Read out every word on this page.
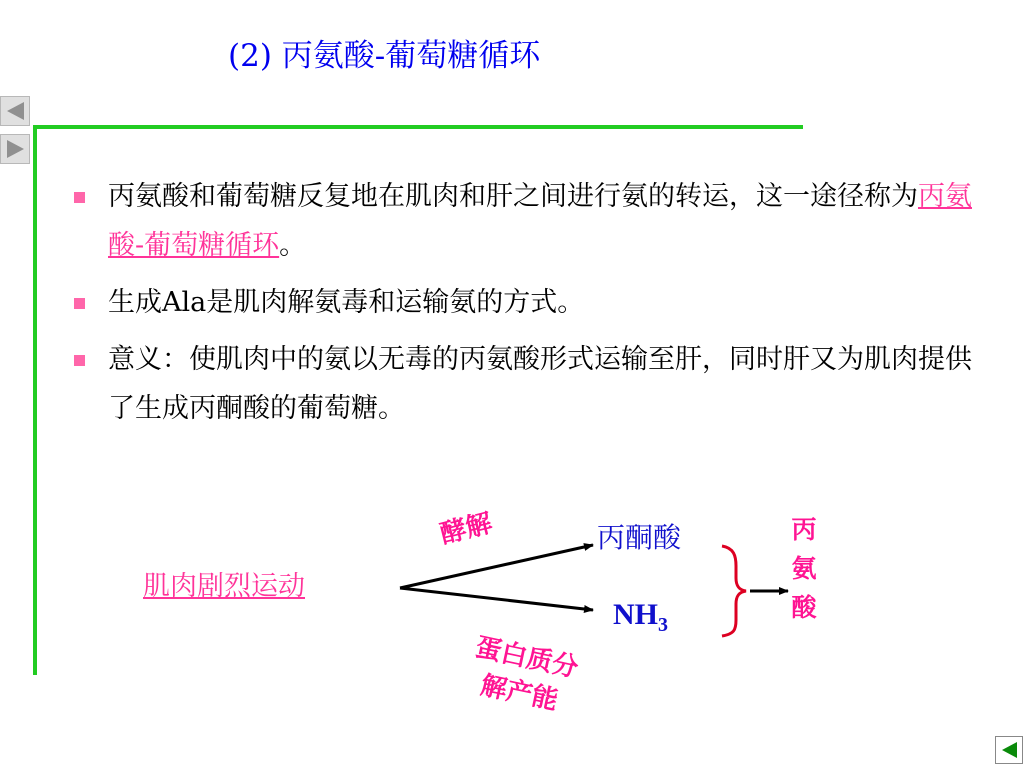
(2) 丙氨酸-葡萄糖循环
丙氨酸和葡萄糖反复地在肌肉和肝之间进行氨的转运，这一途径称为丙氨酸-葡萄糖循环。
生成Ala是肌肉解氨毒和运输氨的方式。
意义：使肌肉中的氨以无毒的丙氨酸形式运输至肝，同时肝又为肌肉提供了生成丙酮酸的葡萄糖。
肌肉剧烈运动
酵解	丙酮酸
$NH_3$
蛋白质分
解产能
丙
氨
酸
